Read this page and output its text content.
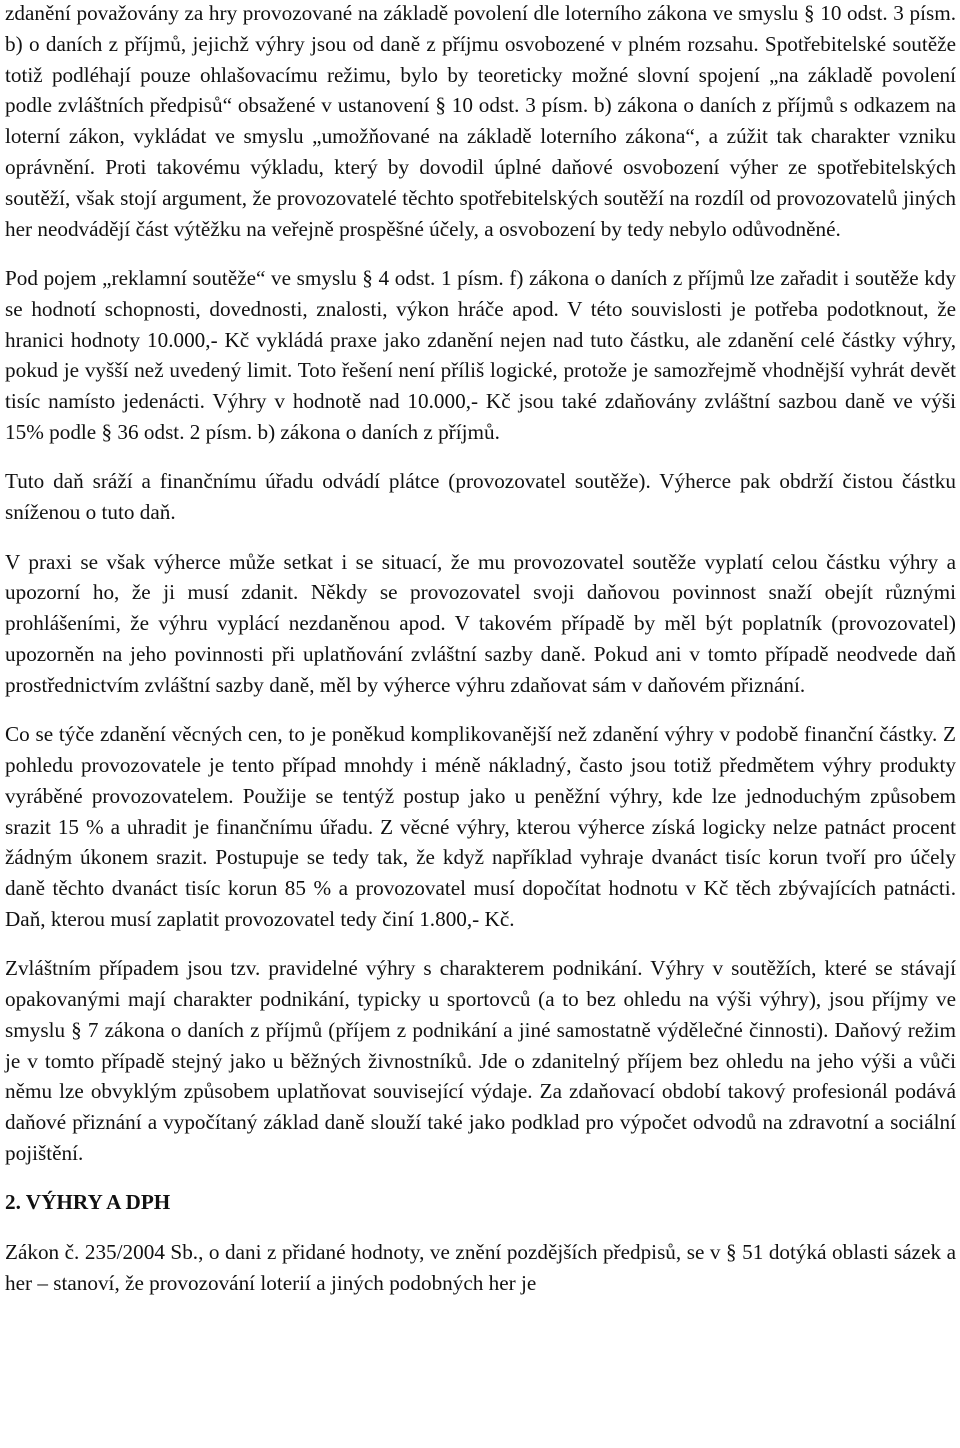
zdanění považovány za hry provozované na základě povolení dle loterního zákona ve smyslu § 10 odst. 3 písm. b) o daních z příjmů, jejichž výhry jsou od daně z příjmu osvobozené v plném rozsahu. Spotřebitelské soutěže totiž podléhají pouze ohlašovacímu režimu, bylo by teoreticky možné slovní spojení „na základě povolení podle zvláštních předpisů“ obsažené v ustanovení § 10 odst. 3 písm. b) zákona o daních z příjmů s odkazem na loterní zákon, vykládat ve smyslu „umožňované na základě loterního zákona“, a zúžit tak charakter vzniku oprávnění. Proti takovému výkladu, který by dovodil úplné daňové osvobození výher ze spotřebitelských soutěží, však stojí argument, že provozovatelé těchto spotřebitelských soutěží na rozdíl od provozovatelů jiných her neodvádějí část výtěžku na veřejně prospěšné účely, a osvobození by tedy nebylo odůvodněné.

Pod pojem „reklamní soutěže“ ve smyslu § 4 odst. 1 písm. f) zákona o daních z příjmů lze zařadit i soutěže kdy se hodnotí schopnosti, dovednosti, znalosti, výkon hráče apod. V této souvislosti je potřeba podotknout, že hranici hodnoty 10.000,- Kč vykládá praxe jako zdanění nejen nad tuto částku, ale zdanění celé částky výhry, pokud je vyšší než uvedený limit. Toto řešení není příliš logické, protože je samozřejmě vhodnější vyhrát devět tisíc namísto jedenácti. Výhry v hodnotě nad 10.000,- Kč jsou také zdaňovány zvláštní sazbou daně ve výši 15% podle § 36 odst. 2 písm. b) zákona o daních z příjmů.

Tuto daň sráží a finančnímu úřadu odvádí plátce (provozovatel soutěže). Výherce pak obdrží čistou částku sníženou o tuto daň.

V praxi se však výherce může setkat i se situací, že mu provozovatel soutěže vyplatí celou částku výhry a upozorní ho, že ji musí zdanit. Někdy se provozovatel svoji daňovou povinnost snaží obejít různými prohlášeními, že výhru vyplácí nezdaněnou apod. V takovém případě by měl být poplatník (provozovatel) upozorněn na jeho povinnosti při uplatňování zvláštní sazby daně. Pokud ani v tomto případě neodvede daň prostřednictvím zvláštní sazby daně, měl by výherce výhru zdaňovat sám v daňovém přiznání.

Co se týče zdanění věcných cen, to je poněkud komplikovanější než zdanění výhry v podobě finanční částky. Z pohledu provozovatele je tento případ mnohdy i méně nákladný, často jsou totiž předmětem výhry produkty vyráběné provozovatelem. Použije se tentýž postup jako u peněžní výhry, kde lze jednoduchým způsobem srazit 15 % a uhradit je finančnímu úřadu. Z věcné výhry, kterou výherce získá logicky nelze patnáct procent žádným úkonem srazit. Postupuje se tedy tak, že když například vyhraje dvanáct tisíc korun tvoří pro účely daně těchto dvanáct tisíc korun 85 % a provozovatel musí dopočítat hodnotu v Kč těch zbývajících patnácti. Daň, kterou musí zaplatit provozovatel tedy činí 1.800,- Kč.

Zvláštním případem jsou tzv. pravidelné výhry s charakterem podnikání. Výhry v soutěžích, které se stávají opakovanými mají charakter podnikání, typicky u sportovců (a to bez ohledu na výši výhry), jsou příjmy ve smyslu § 7 zákona o daních z příjmů (příjem z podnikání a jiné samostatně výdělečné činnosti). Daňový režim je v tomto případě stejný jako u běžných živnostníků. Jde o zdanitelný příjem bez ohledu na jeho výši a vůči němu lze obvyklým způsobem uplatňovat související výdaje. Za zdaňovací období takový profesionál podává daňové přiznání a vypočítaný základ daně slouží také jako podklad pro výpočet odvodů na zdravotní a sociální pojištění.

2. VÝHRY A DPH

Zákon č. 235/2004 Sb., o dani z přidané hodnoty, ve znění pozdějších předpisů, se v § 51 dotýká oblasti sázek a her – stanoví, že provozování loterií a jiných podobných her je
